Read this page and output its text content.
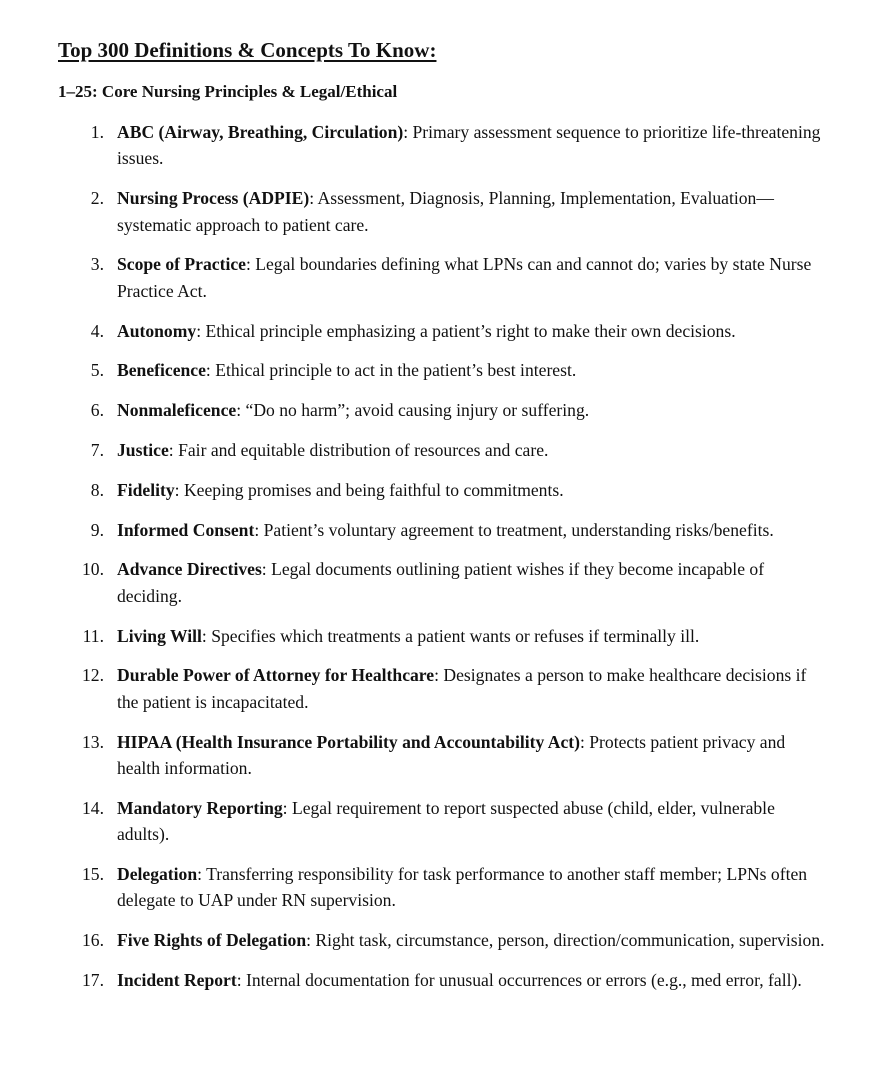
Top 300 Definitions & Concepts To Know:
1–25: Core Nursing Principles & Legal/Ethical
1. ABC (Airway, Breathing, Circulation): Primary assessment sequence to prioritize life-threatening issues.
2. Nursing Process (ADPIE): Assessment, Diagnosis, Planning, Implementation, Evaluation—systematic approach to patient care.
3. Scope of Practice: Legal boundaries defining what LPNs can and cannot do; varies by state Nurse Practice Act.
4. Autonomy: Ethical principle emphasizing a patient’s right to make their own decisions.
5. Beneficence: Ethical principle to act in the patient’s best interest.
6. Nonmaleficence: “Do no harm”; avoid causing injury or suffering.
7. Justice: Fair and equitable distribution of resources and care.
8. Fidelity: Keeping promises and being faithful to commitments.
9. Informed Consent: Patient’s voluntary agreement to treatment, understanding risks/benefits.
10. Advance Directives: Legal documents outlining patient wishes if they become incapable of deciding.
11. Living Will: Specifies which treatments a patient wants or refuses if terminally ill.
12. Durable Power of Attorney for Healthcare: Designates a person to make healthcare decisions if the patient is incapacitated.
13. HIPAA (Health Insurance Portability and Accountability Act): Protects patient privacy and health information.
14. Mandatory Reporting: Legal requirement to report suspected abuse (child, elder, vulnerable adults).
15. Delegation: Transferring responsibility for task performance to another staff member; LPNs often delegate to UAP under RN supervision.
16. Five Rights of Delegation: Right task, circumstance, person, direction/communication, supervision.
17. Incident Report: Internal documentation for unusual occurrences or errors (e.g., med error, fall).
